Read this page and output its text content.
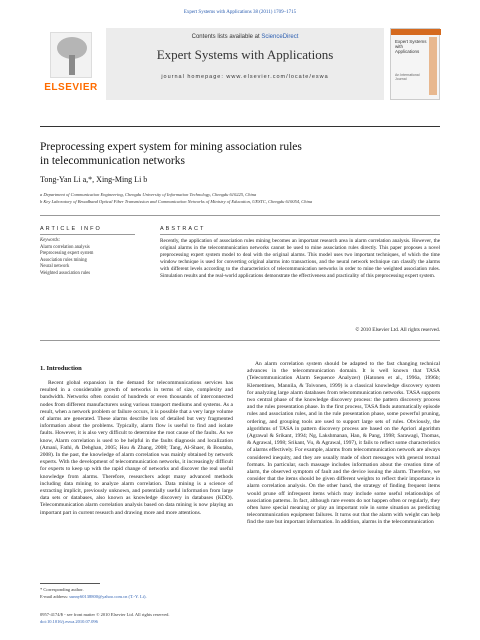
Expert Systems with Applications 38 (2011) 1709–1715
ELSEVIER
Contents lists available at ScienceDirect
Expert Systems with Applications
journal homepage: www.elsevier.com/locate/eswa
Expert Systems with Applications
An International Journal
Preprocessing expert system for mining association rules
in telecommunication networks
Tong-Yan Li a,*, Xing-Ming Li b
a Department of Communication Engineering, Chengdu University of Information Technology, Chengdu 610225, China
b Key Laboratory of Broadband Optical Fiber Transmission and Communication Networks of Ministry of Education, UESTC, Chengdu 610054, China
ARTICLE INFO	ABSTRACT
Keywords:
Alarm correlation analysis
Preprocessing expert system
Association rules mining
Neural network
Weighted association rules
Recently, the application of association rules mining becomes an important research area in alarm correlation analysis. However, the original alarms in the telecommunication networks cannot be used to mine association rules directly. This paper proposes a novel preprocessing expert system model to deal with the original alarms. This model uses two important techniques, of which the time window technique is used for converting original alarms into transactions, and the neural network technique can classify the alarms with different levels according to the characteristics of telecommunication networks in order to mine the weighted association rules. Simulation results and the real-world applications demonstrate the effectiveness and practicality of this preprocessing expert system.
© 2010 Elsevier Ltd. All rights reserved.
1. Introduction
Recent global expansion in the demand for telecommunications services has resulted in a considerable growth of networks in terms of size, complexity and bandwidth. Networks often consist of hundreds or even thousands of interconnected nodes from different manufacturers using various transport mediums and systems. As a result, when a network problem or failure occurs, it is possible that a very large volume of alarms are generated. These alarms describe lots of detailed but very fragmented information about the problems. Typically, alarm flow is useful to find and isolate faults. However, it is also very difficult to determine the root cause of the faults. As we know, Alarm correlation is used to be helpful in the faults diagnosis and localization (Amani, Fathi, & Dehghan, 2005; Hou & Zhang, 2008; Tang, Al-Shaer, & Boutaba, 2008). In the past, the knowledge of alarm correlation was mainly obtained by network experts. With the development of telecommunication networks, it increasingly difficult for experts to keep up with the rapid change of networks and discover the real useful knowledge from alarms. Therefore, researchers adopt many advanced methods including data mining to analyze alarm correlation. Data mining is a science of extracting implicit, previously unknown, and potentially useful information from large data sets or databases, also known as knowledge discovery in databases (KDD). Telecommunication alarm correlation analysis based on data mining is now playing an important part in current research and drawing more and more attentions.
An alarm correlation system should be adapted to the fast changing technical advances in the telecommunication domain. It is well known that TASA (Telecommunication Alarm Sequence Analyzer) (Hatonen et al., 1996a, 1996b; Klemettinen, Mannila, & Toivonen, 1999) is a classical knowledge discovery system for analyzing large alarm databases from telecommunication networks. TASA supports two central phase of the knowledge discovery process: the pattern discovery process and the rules presentation phase. In the first process, TASA finds automatically episode rules and association rules, and in the rule presentation phase, some powerful pruning, ordering, and grouping tools are used to support large sets of rules. Obviously, the algorithms of TASA in pattern discovery process are based on the Apriori algorithm (Agrawal & Srikant, 1994; Ng, Lakshmanan, Han, & Pang, 1998; Sarawagi, Thomas, & Agrawal, 1998; Srikant, Vu, & Agrawal, 1997), it fails to reflect some characteristics of alarms effectively. For example, alarms from telecommunication network are always considered inequity, and they are usually made of short messages with general textual formats. In particular, such massage includes information about the creation time of alarm, the observed symptom of fault and the device issuing the alarm. Therefore, we consider that the items should be given different weights to reflect their importance in alarm correlation analysis. On the other hand, the strategy of finding frequent items would prune off infrequent items which may include some useful relationships of association patterns. In fact, although rare events do not happen often or regularly, they often have special meaning or play an important role in some situation as predicting telecommunication equipment failures. It turns out that the alarm with weight can help find the rare but important information. In addition, alarms in the telecommunication
* Corresponding author.
E-mail address: sunny60138800@yahoo.com.cn (T.-Y. Li).
0957-4174/$ - see front matter © 2010 Elsevier Ltd. All rights reserved.
doi:10.1016/j.eswa.2010.07.096
